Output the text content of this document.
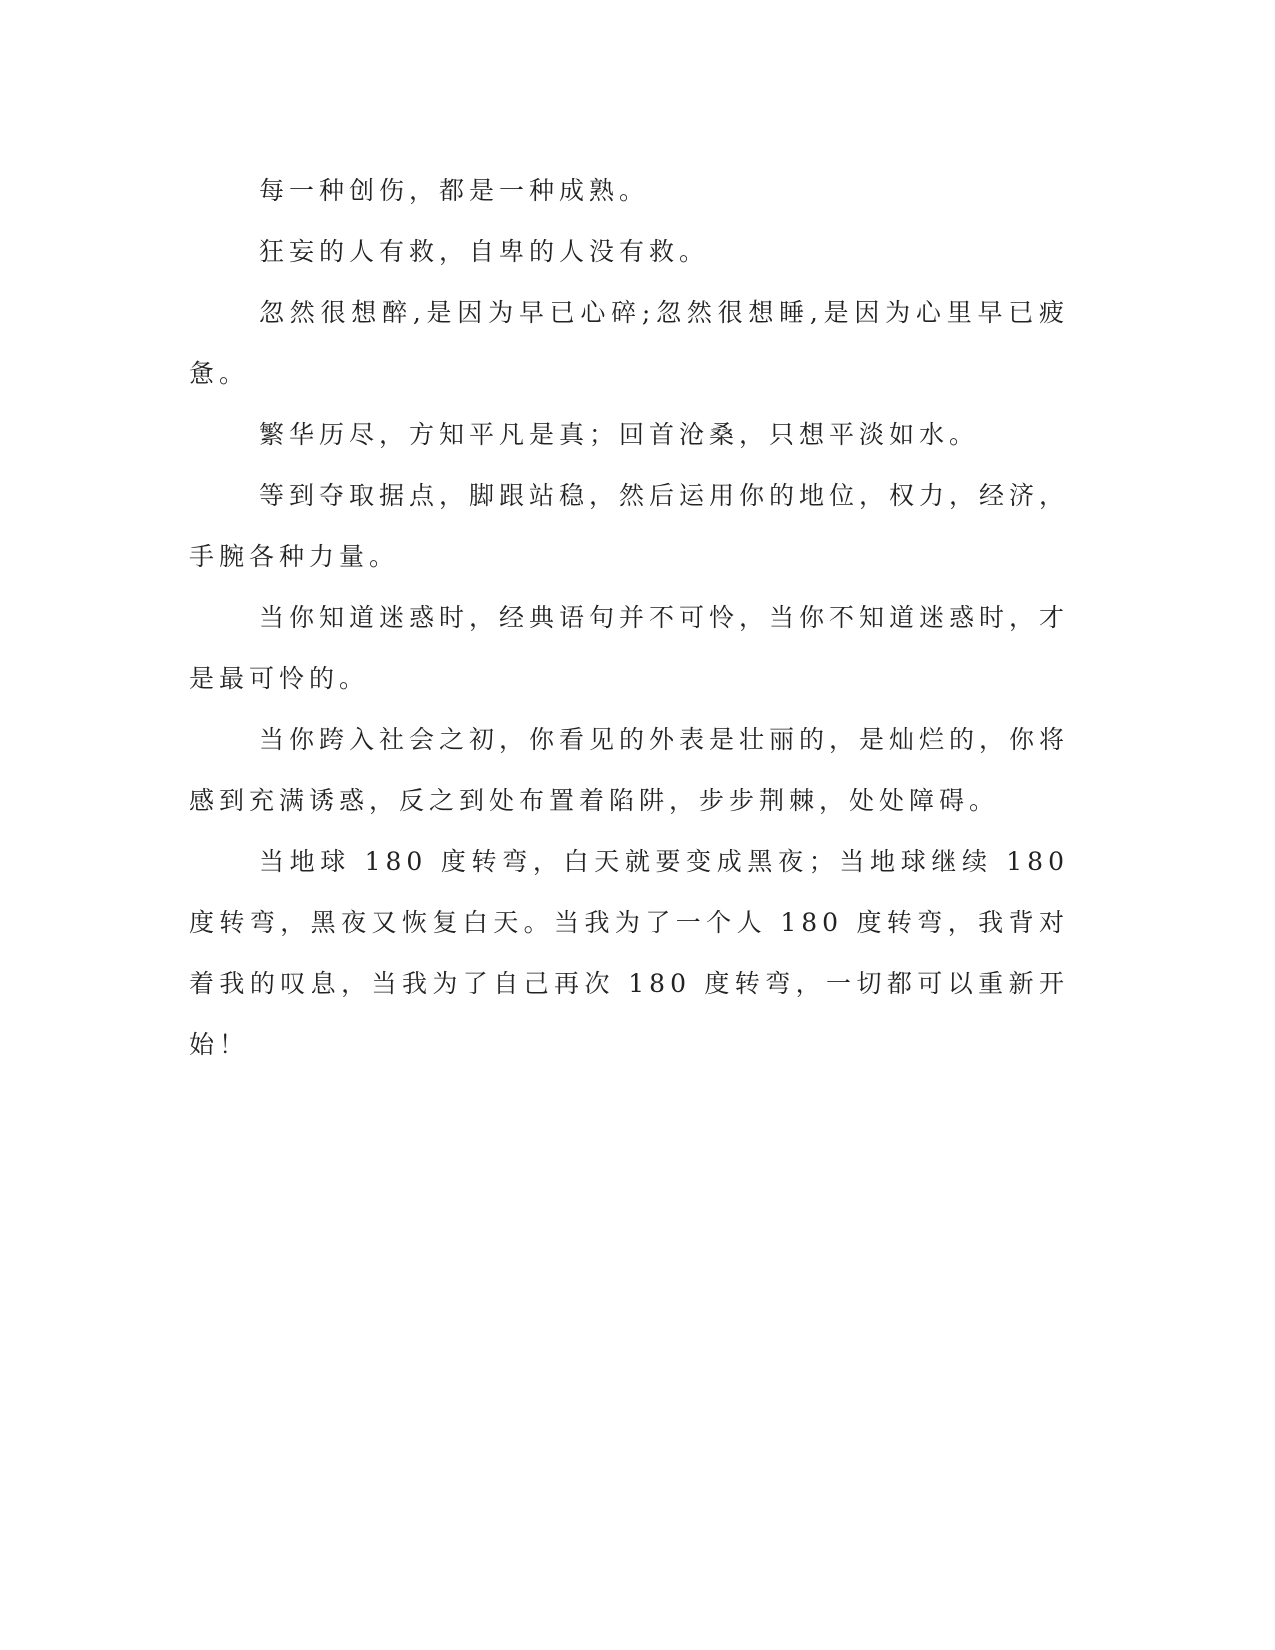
每一种创伤，都是一种成熟。

狂妄的人有救，自卑的人没有救。

忽然很想醉,是因为早已心碎;忽然很想睡,是因为心里早已疲惫。

繁华历尽，方知平凡是真；回首沧桑，只想平淡如水。

等到夺取据点，脚跟站稳，然后运用你的地位，权力，经济，手腕各种力量。

当你知道迷惑时，经典语句并不可怜，当你不知道迷惑时，才是最可怜的。

当你跨入社会之初，你看见的外表是壮丽的，是灿烂的，你将感到充满诱惑，反之到处布置着陷阱，步步荆棘，处处障碍。

当地球 180 度转弯，白天就要变成黑夜；当地球继续 180 度转弯，黑夜又恢复白天。当我为了一个人 180 度转弯，我背对着我的叹息，当我为了自己再次 180 度转弯，一切都可以重新开始！
